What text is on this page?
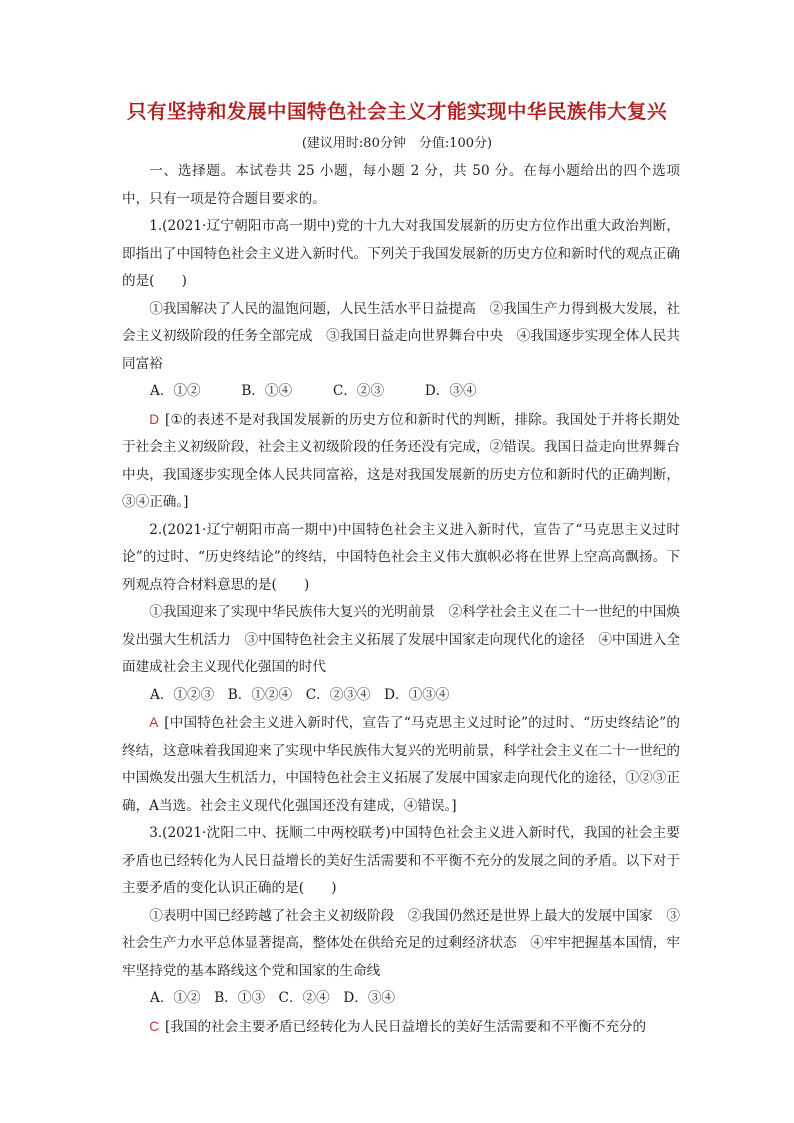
只有坚持和发展中国特色社会主义才能实现中华民族伟大复兴
(建议用时:80分钟　分值:100分)

一、选择题。本试卷共 25 小题，每小题 2 分，共 50 分。在每小题给出的四个选项中，只有一项是符合题目要求的。

1.(2021·辽宁朝阳市高一期中)党的十九大对我国发展新的历史方位作出重大政治判断，即指出了中国特色社会主义进入新时代。下列关于我国发展新的历史方位和新时代的观点正确的是(　　)

①我国解决了人民的温饱问题，人民生活水平日益提高　②我国生产力得到极大发展，社会主义初级阶段的任务全部完成　③我国日益走向世界舞台中央　④我国逐步实现全体人民共同富裕

A．①②　　　B．①④　　　C．②③　　　D．③④

D [①的表述不是对我国发展新的历史方位和新时代的判断，排除。我国处于并将长期处于社会主义初级阶段，社会主义初级阶段的任务还没有完成，②错误。我国日益走向世界舞台中央，我国逐步实现全体人民共同富裕，这是对我国发展新的历史方位和新时代的正确判断，③④正确。]

2.(2021·辽宁朝阳市高一期中)中国特色社会主义进入新时代，宣告了“马克思主义过时论”的过时、“历史终结论”的终结，中国特色社会主义伟大旗帜必将在世界上空高高飘扬。下列观点符合材料意思的是(　　)

①我国迎来了实现中华民族伟大复兴的光明前景　②科学社会主义在二十一世纪的中国焕发出强大生机活力　③中国特色社会主义拓展了发展中国家走向现代化的途径　④中国进入全面建成社会主义现代化强国的时代

A．①②③　B．①②④　C．②③④　D．①③④

A [中国特色社会主义进入新时代，宣告了“马克思主义过时论”的过时、“历史终结论”的终结，这意味着我国迎来了实现中华民族伟大复兴的光明前景，科学社会主义在二十一世纪的中国焕发出强大生机活力，中国特色社会主义拓展了发展中国家走向现代化的途径，①②③正确，A当选。社会主义现代化强国还没有建成，④错误。]

3.(2021·沈阳二中、抚顺二中两校联考)中国特色社会主义进入新时代，我国的社会主要矛盾也已经转化为人民日益增长的美好生活需要和不平衡不充分的发展之间的矛盾。以下对于主要矛盾的变化认识正确的是(　　)

①表明中国已经跨越了社会主义初级阶段　②我国仍然还是世界上最大的发展中国家　③社会生产力水平总体显著提高，整体处在供给充足的过剩经济状态　④牢牢把握基本国情，牢牢坚持党的基本路线这个党和国家的生命线

A．①②　B．①③　C．②④　D．③④

C [我国的社会主要矛盾已经转化为人民日益增长的美好生活需要和不平衡不充分的
